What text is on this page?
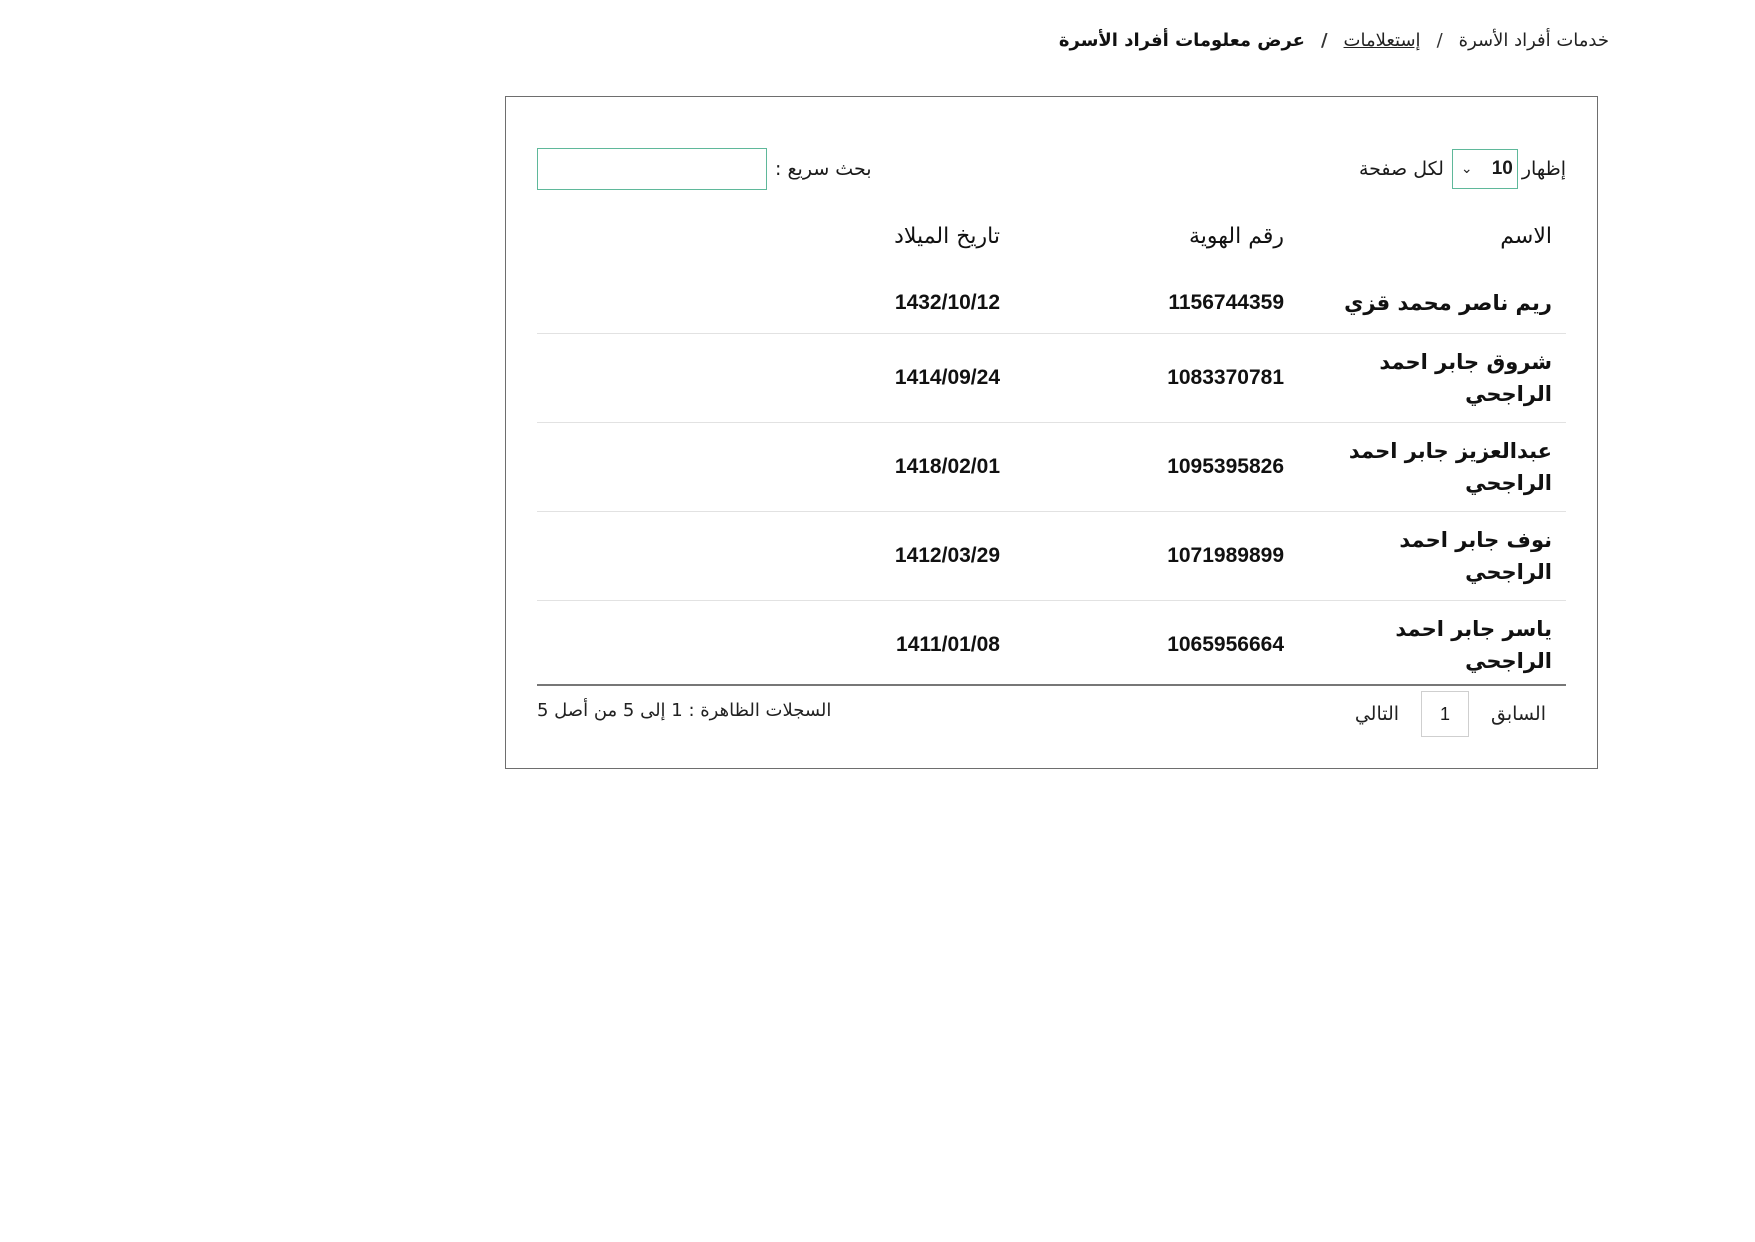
خدمات أفراد الأسرة
/
إستعلامات
/
عرض معلومات أفراد الأسرة
إظهار
⌄ 10
لكل صفحة
بحث سريع :
الاسم	رقم الهوية	تاريخ الميلاد	
ريم ناصر محمد قزي	1156744359	1432/10/12	
شروق جابر احمد الراجحي	1083370781	1414/09/24	
عبدالعزيز جابر احمد الراجحي	1095395826	1418/02/01	
نوف جابر احمد الراجحي	1071989899	1412/03/29	
ياسر جابر احمد الراجحي	1065956664	1411/01/08	
السابق
1
التالي
السجلات الظاهرة : 1 إلى 5 من أصل 5
